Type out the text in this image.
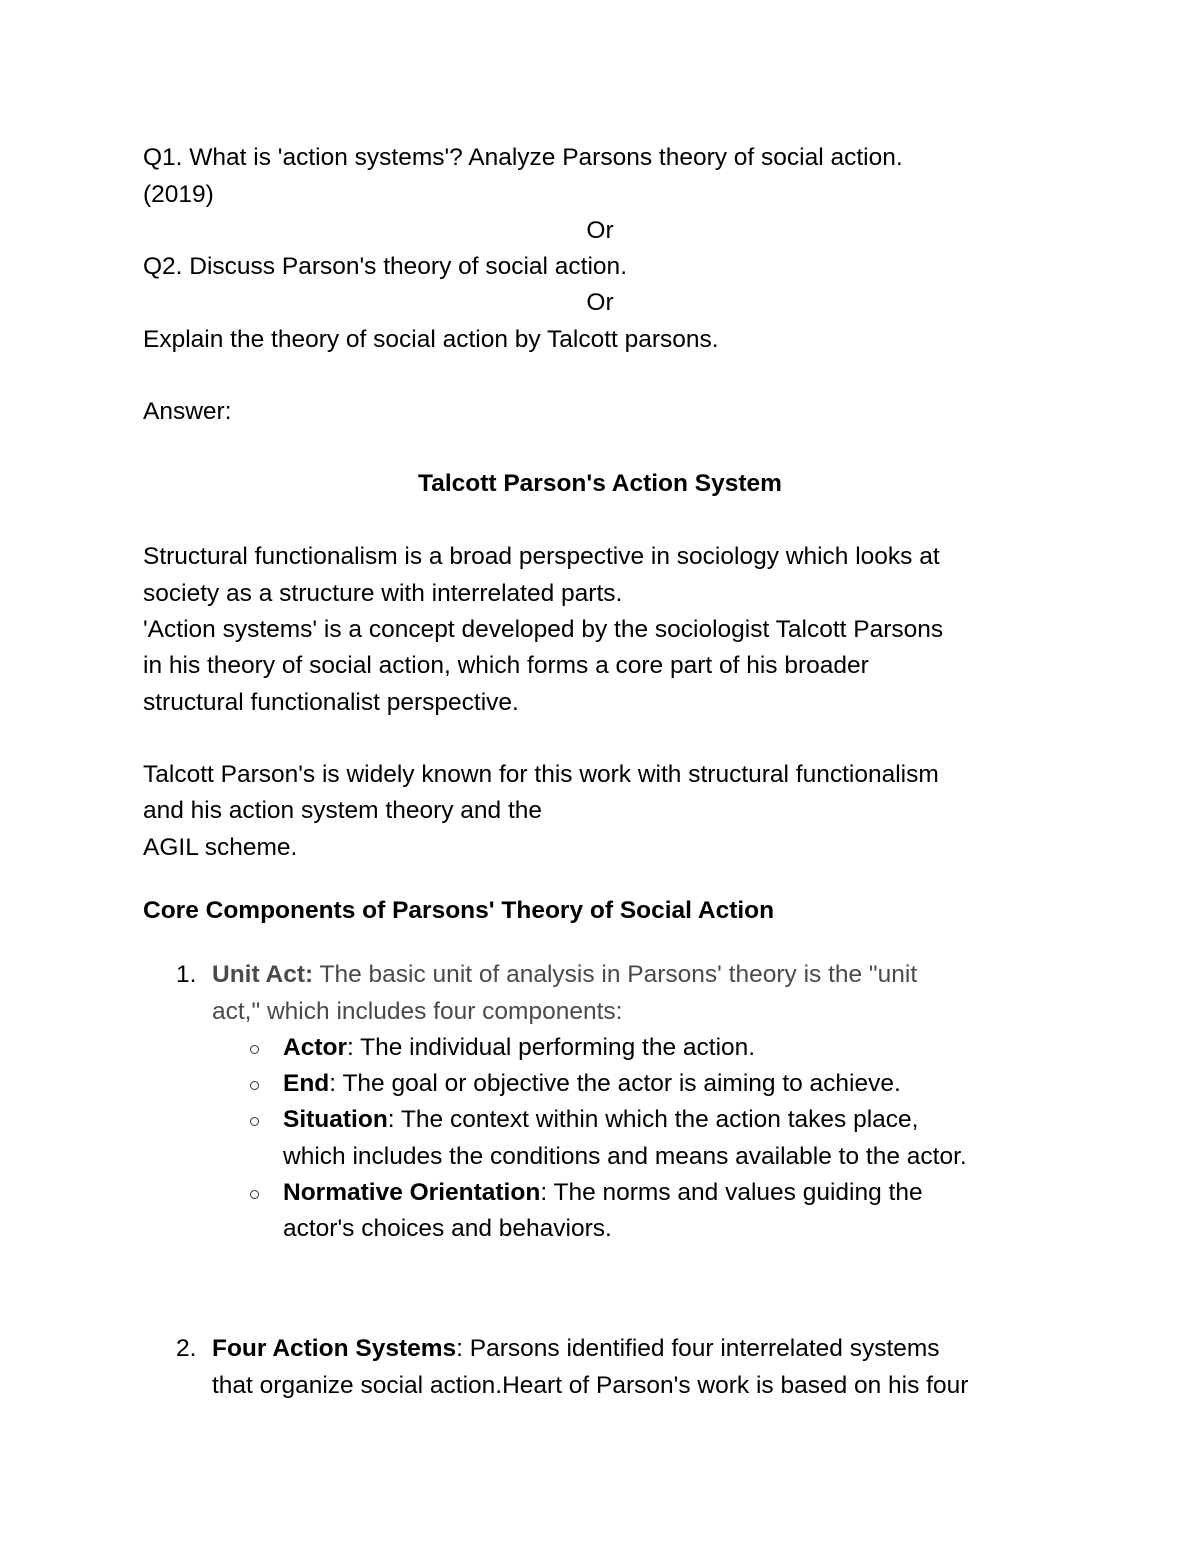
Q1. What is 'action systems'? Analyze Parsons theory of social action.
(2019)
Or
Q2. Discuss Parson's theory of social action.
Or
Explain the theory of social action by Talcott parsons.
Answer:
Talcott Parson's Action System
Structural functionalism is a broad perspective in sociology which looks at
society as a structure with interrelated parts.
'Action systems' is a concept developed by the sociologist Talcott Parsons
in his theory of social action, which forms a core part of his broader
structural functionalist perspective.
Talcott Parson's is widely known for this work with structural functionalism
and his action system theory and the
AGIL scheme.
Core Components of Parsons' Theory of Social Action
1. Unit Act: The basic unit of analysis in Parsons' theory is the "unit
act," which includes four components:
Actor: The individual performing the action.
End: The goal or objective the actor is aiming to achieve.
Situation: The context within which the action takes place,
which includes the conditions and means available to the actor.
Normative Orientation: The norms and values guiding the
actor's choices and behaviors.
2. Four Action Systems: Parsons identified four interrelated systems
that organize social action.Heart of Parson's work is based on his four
